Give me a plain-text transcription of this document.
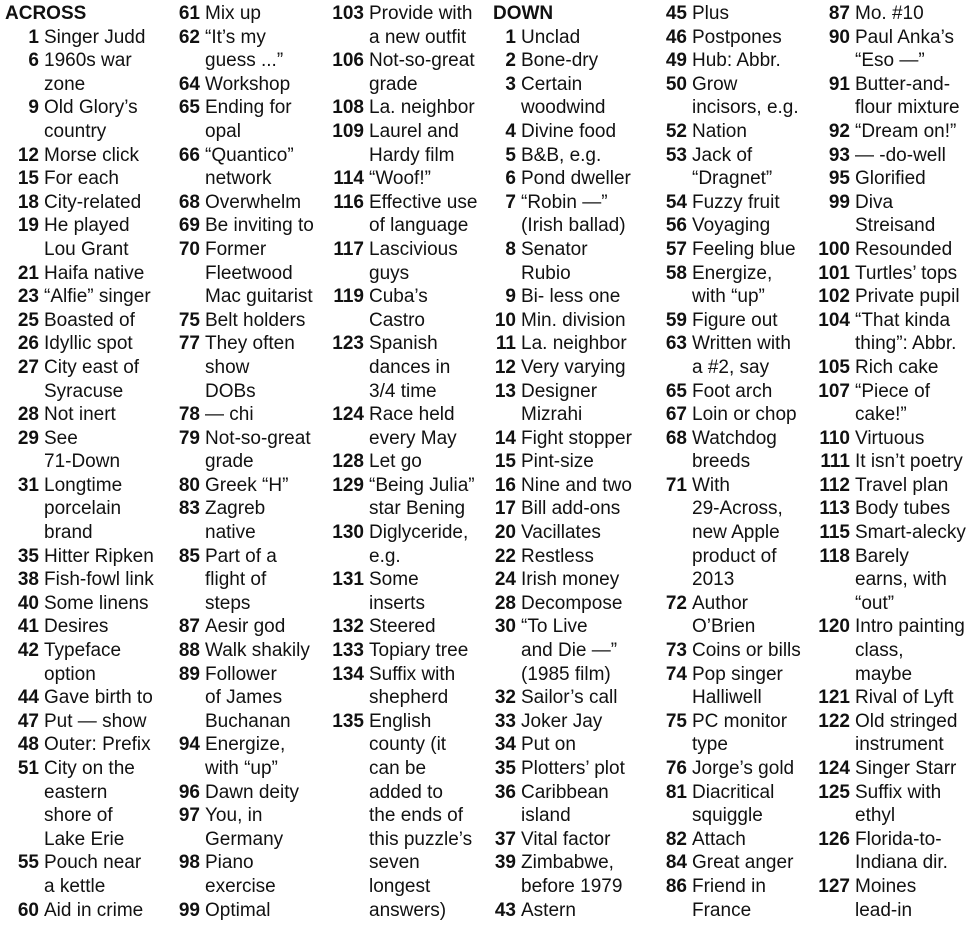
ACROSS
1 Singer Judd
6 1960s war
zone
9 Old Glory’s
country
12 Morse click
15 For each
18 City-related
19 He played
Lou Grant
21 Haifa native
23 “Alfie” singer
25 Boasted of
26 Idyllic spot
27 City east of
Syracuse
28 Not inert
29 See
71-Down
31 Longtime
porcelain
brand
35 Hitter Ripken
38 Fish-fowl link
40 Some linens
41 Desires
42 Typeface
option
44 Gave birth to
47 Put — show
48 Outer: Prefix
51 City on the
eastern
shore of
Lake Erie
55 Pouch near
a kettle
60 Aid in crime
61 Mix up
62 “It’s my
guess ...”
64 Workshop
65 Ending for
opal
66 “Quantico”
network
68 Overwhelm
69 Be inviting to
70 Former
Fleetwood
Mac guitarist
75 Belt holders
77 They often
show
DOBs
78 — chi
79 Not-so-great
grade
80 Greek “H”
83 Zagreb
native
85 Part of a
flight of
steps
87 Aesir god
88 Walk shakily
89 Follower
of James
Buchanan
94 Energize,
with “up”
96 Dawn deity
97 You, in
Germany
98 Piano
exercise
99 Optimal
103 Provide with
a new outfit
106 Not-so-great
grade
108 La. neighbor
109 Laurel and
Hardy film
114 “Woof!”
116 Effective use
of language
117 Lascivious
guys
119 Cuba’s
Castro
123 Spanish
dances in
3/4 time
124 Race held
every May
128 Let go
129 “Being Julia”
star Bening
130 Diglyceride,
e.g.
131 Some
inserts
132 Steered
133 Topiary tree
134 Suffix with
shepherd
135 English
county (it
can be
added to
the ends of
this puzzle’s
seven
longest
answers)
DOWN
1 Unclad
2 Bone-dry
3 Certain
woodwind
4 Divine food
5 B&B, e.g.
6 Pond dweller
7 “Robin —”
(Irish ballad)
8 Senator
Rubio
9 Bi- less one
10 Min. division
11 La. neighbor
12 Very varying
13 Designer
Mizrahi
14 Fight stopper
15 Pint-size
16 Nine and two
17 Bill add-ons
20 Vacillates
22 Restless
24 Irish money
28 Decompose
30 “To Live
and Die —”
(1985 film)
32 Sailor’s call
33 Joker Jay
34 Put on
35 Plotters’ plot
36 Caribbean
island
37 Vital factor
39 Zimbabwe,
before 1979
43 Astern
45 Plus
46 Postpones
49 Hub: Abbr.
50 Grow
incisors, e.g.
52 Nation
53 Jack of
“Dragnet”
54 Fuzzy fruit
56 Voyaging
57 Feeling blue
58 Energize,
with “up”
59 Figure out
63 Written with
a #2, say
65 Foot arch
67 Loin or chop
68 Watchdog
breeds
71 With
29-Across,
new Apple
product of
2013
72 Author
O’Brien
73 Coins or bills
74 Pop singer
Halliwell
75 PC monitor
type
76 Jorge’s gold
81 Diacritical
squiggle
82 Attach
84 Great anger
86 Friend in
France
87 Mo. #10
90 Paul Anka’s
“Eso —”
91 Butter-and-
flour mixture
92 “Dream on!”
93 — -do-well
95 Glorified
99 Diva
Streisand
100 Resounded
101 Turtles’ tops
102 Private pupil
104 “That kinda
thing”: Abbr.
105 Rich cake
107 “Piece of
cake!”
110 Virtuous
111 It isn’t poetry
112 Travel plan
113 Body tubes
115 Smart-alecky
118 Barely
earns, with
“out”
120 Intro painting
class,
maybe
121 Rival of Lyft
122 Old stringed
instrument
124 Singer Starr
125 Suffix with
ethyl
126 Florida-to-
Indiana dir.
127 Moines
lead-in
